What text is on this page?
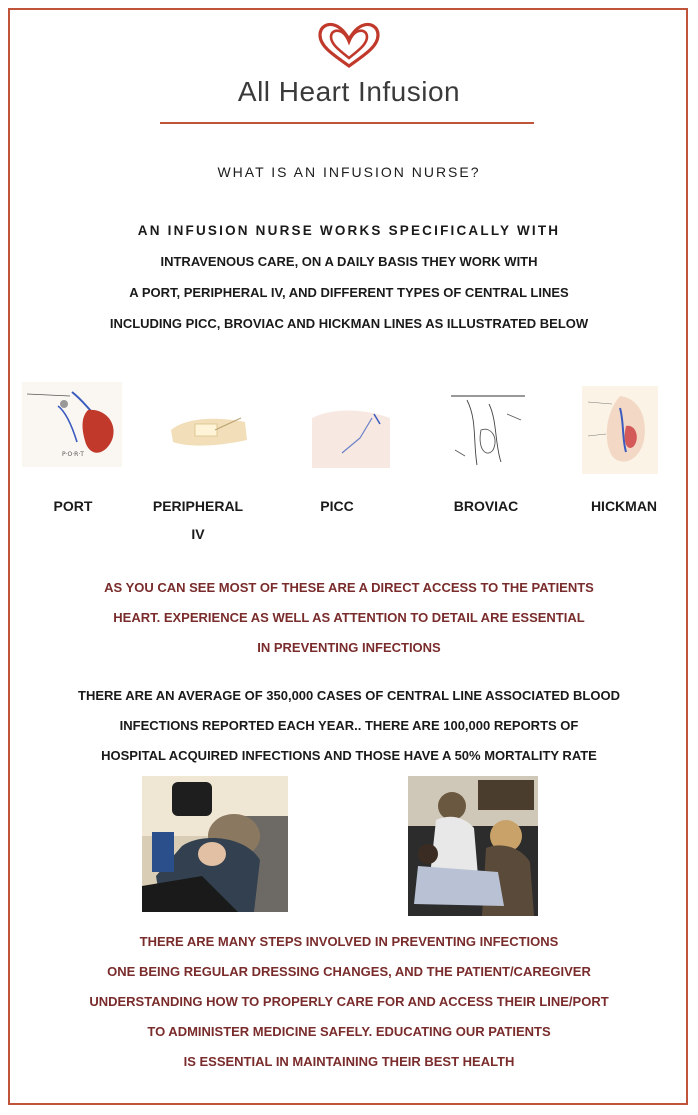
All Heart Infusion
WHAT IS AN INFUSION NURSE?
AN INFUSION NURSE WORKS SPECIFICALLY WITH
INTRAVENOUS CARE, ON A DAILY BASIS THEY WORK WITH
A PORT, PERIPHERAL IV, AND DIFFERENT TYPES OF CENTRAL LINES
INCLUDING PICC, BROVIAC AND HICKMAN LINES AS ILLUSTRATED BELOW
P·O·R·T
PORT	PERIPHERAL IV
PICC	BROVIAC	HICKMAN
AS YOU CAN SEE MOST OF THESE ARE A DIRECT ACCESS TO THE PATIENTS
HEART. EXPERIENCE AS WELL AS ATTENTION TO DETAIL ARE ESSENTIAL
IN PREVENTING INFECTIONS
THERE ARE AN AVERAGE OF 350,000 CASES OF CENTRAL LINE ASSOCIATED BLOOD
INFECTIONS REPORTED EACH YEAR.. THERE ARE 100,000 REPORTS OF
HOSPITAL ACQUIRED INFECTIONS AND THOSE HAVE A 50% MORTALITY RATE
THERE ARE MANY STEPS INVOLVED IN PREVENTING INFECTIONS
ONE BEING REGULAR DRESSING CHANGES, AND THE PATIENT/CAREGIVER
UNDERSTANDING HOW TO PROPERLY CARE FOR AND ACCESS THEIR LINE/PORT
TO ADMINISTER MEDICINE SAFELY. EDUCATING OUR PATIENTS
IS ESSENTIAL IN MAINTAINING THEIR BEST HEALTH
